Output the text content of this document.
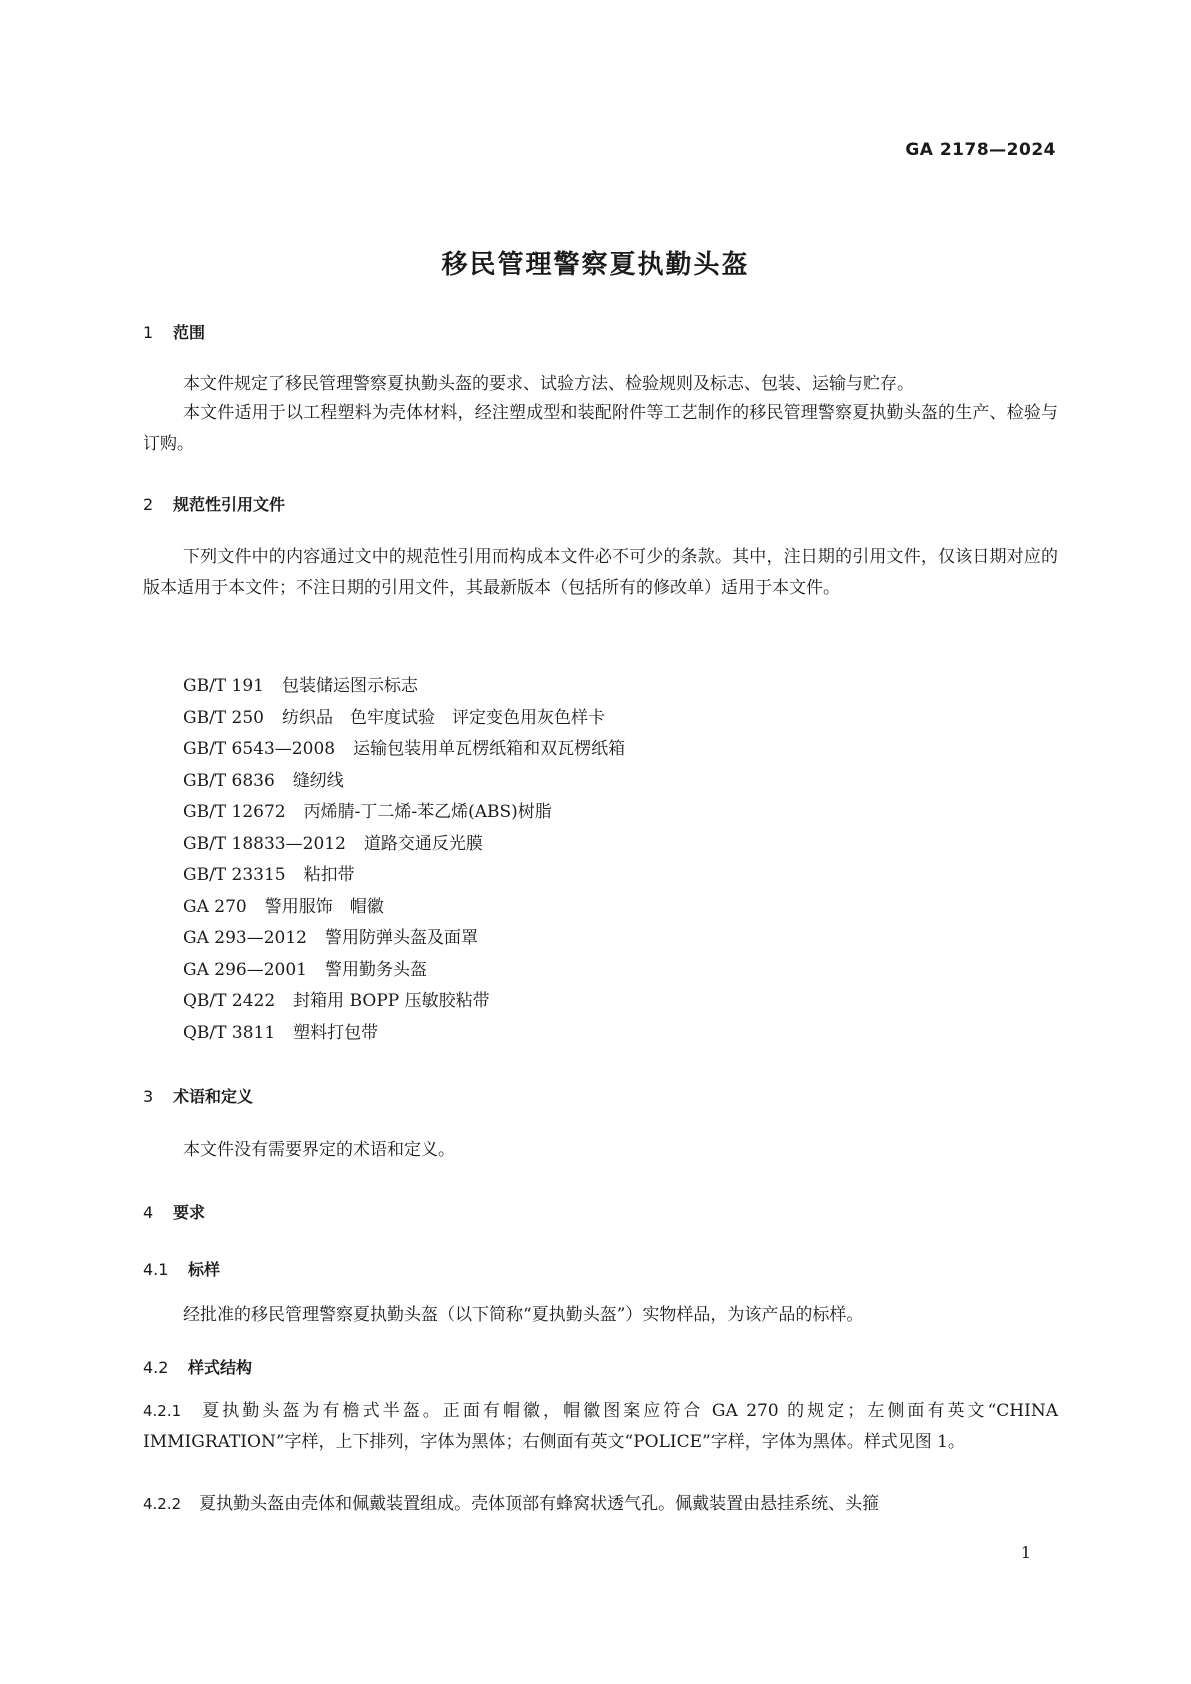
GA 2178—2024
移民管理警察夏执勤头盔
1 范围

本文件规定了移民管理警察夏执勤头盔的要求、试验方法、检验规则及标志、包装、运输与贮存。

本文件适用于以工程塑料为壳体材料，经注塑成型和装配附件等工艺制作的移民管理警察夏执勤头盔的生产、检验与订购。

2 规范性引用文件

下列文件中的内容通过文中的规范性引用而构成本文件必不可少的条款。其中，注日期的引用文件，仅该日期对应的版本适用于本文件；不注日期的引用文件，其最新版本（包括所有的修改单）适用于本文件。

GB/T 191 包装储运图示标志
GB/T 250 纺织品　色牢度试验　评定变色用灰色样卡
GB/T 6543—2008 运输包装用单瓦楞纸箱和双瓦楞纸箱
GB/T 6836 缝纫线
GB/T 12672 丙烯腈-丁二烯-苯乙烯(ABS)树脂
GB/T 18833—2012 道路交通反光膜
GB/T 23315 粘扣带
GA 270 警用服饰　帽徽
GA 293—2012 警用防弹头盔及面罩
GA 296—2001 警用勤务头盔
QB/T 2422 封箱用 BOPP 压敏胶粘带
QB/T 3811 塑料打包带
3 术语和定义

本文件没有需要界定的术语和定义。

4 要求
4.1 标样

经批准的移民管理警察夏执勤头盔（以下简称“夏执勤头盔”）实物样品，为该产品的标样。

4.2 样式结构

4.2.1 夏执勤头盔为有檐式半盔。正面有帽徽，帽徽图案应符合 GA 270 的规定；左侧面有英文“CHINA IMMIGRATION”字样，上下排列，字体为黑体；右侧面有英文“POLICE”字样，字体为黑体。样式见图 1。

4.2.2 夏执勤头盔由壳体和佩戴装置组成。壳体顶部有蜂窝状透气孔。佩戴装置由悬挂系统、头箍

1
